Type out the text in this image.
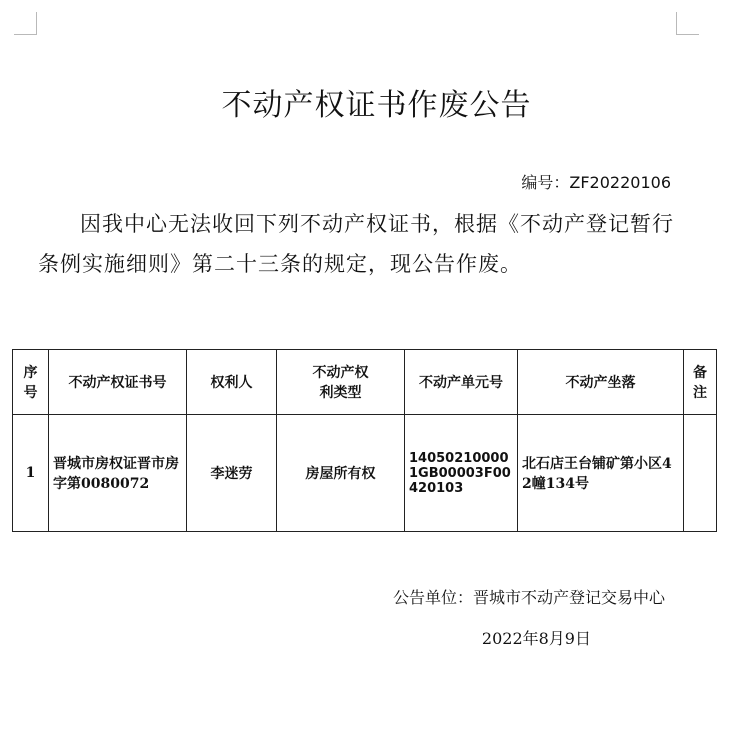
不动产权证书作废公告
编号：ZF20220106
因我中心无法收回下列不动产权证书，根据《不动产登记暂行条例实施细则》第二十三条的规定，现公告作废。
序号	不动产权证书号	权利人	不动产权利类型	不动产单元号	不动产坐落	备注
1	晋城市房权证晋市房字第0080072	李迷劳	房屋所有权	140502100001GB00003F00420103	北石店王台铺矿第小区42幢134号	
公告单位：晋城市不动产登记交易中心
2022年8月9日
